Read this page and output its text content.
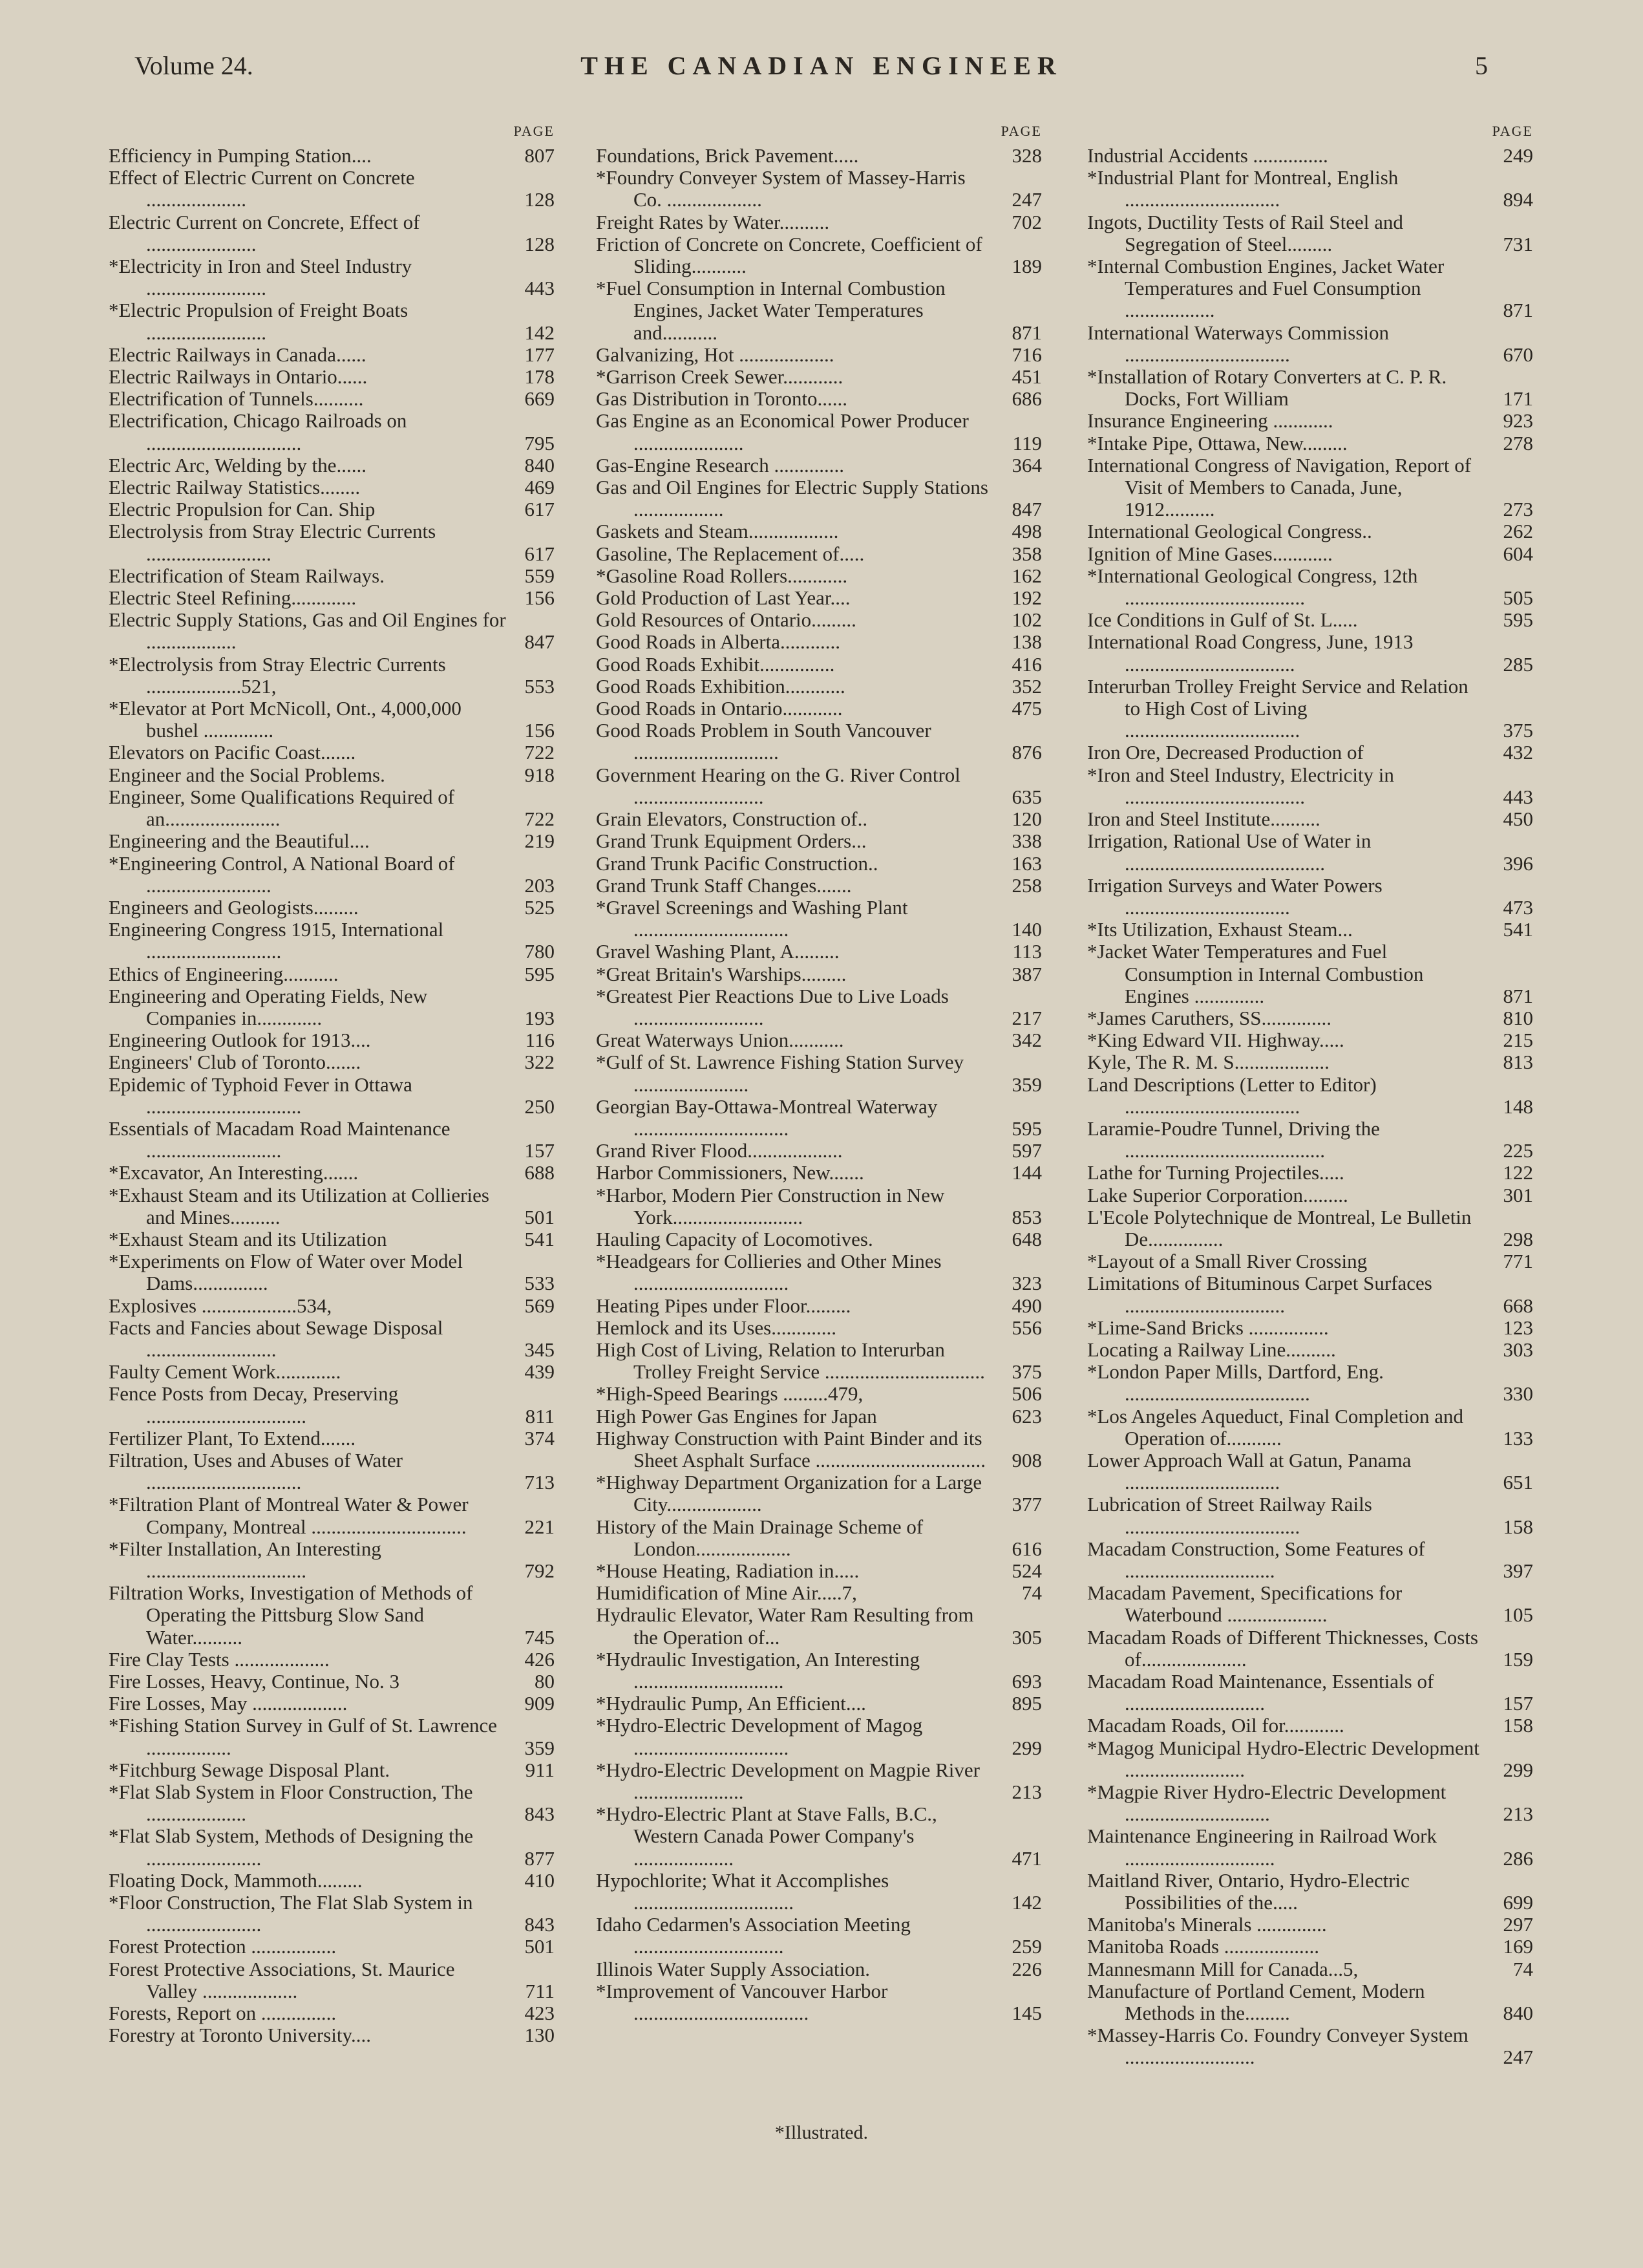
Volume 24.	THE CANADIAN ENGINEER	5
PAGE
Efficiency in Pumping Station....	807
Effect of Electric Current on Concrete ....................	128
Electric Current on Concrete, Effect of ......................	128
*Electricity in Iron and Steel Industry ........................	443
*Electric Propulsion of Freight Boats ........................	142
Electric Railways in Canada......	177
Electric Railways in Ontario......	178
Electrification of Tunnels..........	669
Electrification, Chicago Railroads on ...............................	795
Electric Arc, Welding by the......	840
Electric Railway Statistics........	469
Electric Propulsion for Can. Ship	617
Electrolysis from Stray Electric Currents .........................	617
Electrification of Steam Railways.	559
Electric Steel Refining.............	156
Electric Supply Stations, Gas and Oil Engines for ..................	847
*Electrolysis from Stray Electric Currents ...................521,	553
*Elevator at Port McNicoll, Ont., 4,000,000 bushel ..............	156
Elevators on Pacific Coast.......	722
Engineer and the Social Problems.	918
Engineer, Some Qualifications Required of an.......................	722
Engineering and the Beautiful....	219
*Engineering Control, A National Board of .........................	203
Engineers and Geologists.........	525
Engineering Congress 1915, International ...........................	780
Ethics of Engineering...........	595
Engineering and Operating Fields, New Companies in.............	193
Engineering Outlook for 1913....	116
Engineers' Club of Toronto.......	322
Epidemic of Typhoid Fever in Ottawa ...............................	250
Essentials of Macadam Road Maintenance ...........................	157
*Excavator, An Interesting.......	688
*Exhaust Steam and its Utilization at Collieries and Mines..........	501
*Exhaust Steam and its Utilization	541
*Experiments on Flow of Water over Model Dams...............	533
Explosives ...................534,	569
Facts and Fancies about Sewage Disposal ..........................	345
Faulty Cement Work.............	439
Fence Posts from Decay, Preserving ................................	811
Fertilizer Plant, To Extend.......	374
Filtration, Uses and Abuses of Water ...............................	713
*Filtration Plant of Montreal Water & Power Company, Montreal ...............................	221
*Filter Installation, An Interesting ................................	792
Filtration Works, Investigation of Methods of Operating the Pittsburg Slow Sand Water..........	745
Fire Clay Tests ...................	426
Fire Losses, Heavy, Continue, No. 3	80
Fire Losses, May ...................	909
*Fishing Station Survey in Gulf of St. Lawrence .................	359
*Fitchburg Sewage Disposal Plant.	911
*Flat Slab System in Floor Construction, The ....................	843
*Flat Slab System, Methods of Designing the .......................	877
Floating Dock, Mammoth.........	410
*Floor Construction, The Flat Slab System in .......................	843
Forest Protection .................	501
Forest Protective Associations, St. Maurice Valley ...................	711
Forests, Report on ...............	423
Forestry at Toronto University....	130
PAGE
Foundations, Brick Pavement.....	328
*Foundry Conveyer System of Massey-Harris Co. ...................	247
Freight Rates by Water..........	702
Friction of Concrete on Concrete, Coefficient of Sliding...........	189
*Fuel Consumption in Internal Combustion Engines, Jacket Water Temperatures and...........	871
Galvanizing, Hot ...................	716
*Garrison Creek Sewer............	451
Gas Distribution in Toronto......	686
Gas Engine as an Economical Power Producer ......................	119
Gas-Engine Research ..............	364
Gas and Oil Engines for Electric Supply Stations ..................	847
Gaskets and Steam..................	498
Gasoline, The Replacement of.....	358
*Gasoline Road Rollers............	162
Gold Production of Last Year....	192
Gold Resources of Ontario.........	102
Good Roads in Alberta............	138
Good Roads Exhibit...............	416
Good Roads Exhibition............	352
Good Roads in Ontario............	475
Good Roads Problem in South Vancouver .............................	876
Government Hearing on the G. River Control ..........................	635
Grain Elevators, Construction of..	120
Grand Trunk Equipment Orders...	338
Grand Trunk Pacific Construction..	163
Grand Trunk Staff Changes.......	258
*Gravel Screenings and Washing Plant ...............................	140
Gravel Washing Plant, A.........	113
*Great Britain's Warships.........	387
*Greatest Pier Reactions Due to Live Loads ..........................	217
Great Waterways Union...........	342
*Gulf of St. Lawrence Fishing Station Survey .......................	359
Georgian Bay-Ottawa-Montreal Waterway ...............................	595
Grand River Flood...................	597
Harbor Commissioners, New.......	144
*Harbor, Modern Pier Construction in New York..........................	853
Hauling Capacity of Locomotives.	648
*Headgears for Collieries and Other Mines ...............................	323
Heating Pipes under Floor.........	490
Hemlock and its Uses.............	556
High Cost of Living, Relation to Interurban Trolley Freight Service ................................	375
*High-Speed Bearings .........479,	506
High Power Gas Engines for Japan	623
Highway Construction with Paint Binder and its Sheet Asphalt Surface ..................................	908
*Highway Department Organization for a Large City...................	377
History of the Main Drainage Scheme of London...................	616
*House Heating, Radiation in.....	524
Humidification of Mine Air.....7,	74
Hydraulic Elevator, Water Ram Resulting from the Operation of...	305
*Hydraulic Investigation, An Interesting ..............................	693
*Hydraulic Pump, An Efficient....	895
*Hydro-Electric Development of Magog ...............................	299
*Hydro-Electric Development on Magpie River ......................	213
*Hydro-Electric Plant at Stave Falls, B.C., Western Canada Power Company's ....................	471
Hypochlorite; What it Accomplishes ................................	142
Idaho Cedarmen's Association Meeting ..............................	259
Illinois Water Supply Association.	226
*Improvement of Vancouver Harbor ...................................	145
PAGE
Industrial Accidents ...............	249
*Industrial Plant for Montreal, English ...............................	894
Ingots, Ductility Tests of Rail Steel and Segregation of Steel.........	731
*Internal Combustion Engines, Jacket Water Temperatures and Fuel Consumption ..................	871
International Waterways Commission .................................	670
*Installation of Rotary Converters at C. P. R. Docks, Fort William	171
Insurance Engineering ............	923
*Intake Pipe, Ottawa, New.........	278
International Congress of Navigation, Report of Visit of Members to Canada, June, 1912..........	273
International Geological Congress..	262
Ignition of Mine Gases............	604
*International Geological Congress, 12th ....................................	505
Ice Conditions in Gulf of St. L.....	595
International Road Congress, June, 1913 ..................................	285
Interurban Trolley Freight Service and Relation to High Cost of Living ...................................	375
Iron Ore, Decreased Production of	432
*Iron and Steel Industry, Electricity in ....................................	443
Iron and Steel Institute..........	450
Irrigation, Rational Use of Water in ........................................	396
Irrigation Surveys and Water Powers .................................	473
*Its Utilization, Exhaust Steam...	541
*Jacket Water Temperatures and Fuel Consumption in Internal Combustion Engines ..............	871
*James Caruthers, SS..............	810
*King Edward VII. Highway.....	215
Kyle, The R. M. S...................	813
Land Descriptions (Letter to Editor) ...................................	148
Laramie-Poudre Tunnel, Driving the ........................................	225
Lathe for Turning Projectiles.....	122
Lake Superior Corporation.........	301
L'Ecole Polytechnique de Montreal, Le Bulletin De...............	298
*Layout of a Small River Crossing	771
Limitations of Bituminous Carpet Surfaces ................................	668
*Lime-Sand Bricks ................	123
Locating a Railway Line..........	303
*London Paper Mills, Dartford, Eng. .....................................	330
*Los Angeles Aqueduct, Final Completion and Operation of...........	133
Lower Approach Wall at Gatun, Panama ...............................	651
Lubrication of Street Railway Rails ...................................	158
Macadam Construction, Some Features of ..............................	397
Macadam Pavement, Specifications for Waterbound ....................	105
Macadam Roads of Different Thicknesses, Costs of.....................	159
Macadam Road Maintenance, Essentials of ............................	157
Macadam Roads, Oil for............	158
*Magog Municipal Hydro-Electric Development ........................	299
*Magpie River Hydro-Electric Development .............................	213
Maintenance Engineering in Railroad Work ..............................	286
Maitland River, Ontario, Hydro-Electric Possibilities of the.....	699
Manitoba's Minerals ..............	297
Manitoba Roads ...................	169
Mannesmann Mill for Canada...5,	74
Manufacture of Portland Cement, Modern Methods in the.........	840
*Massey-Harris Co. Foundry Conveyer System ..........................	247
*Illustrated.
